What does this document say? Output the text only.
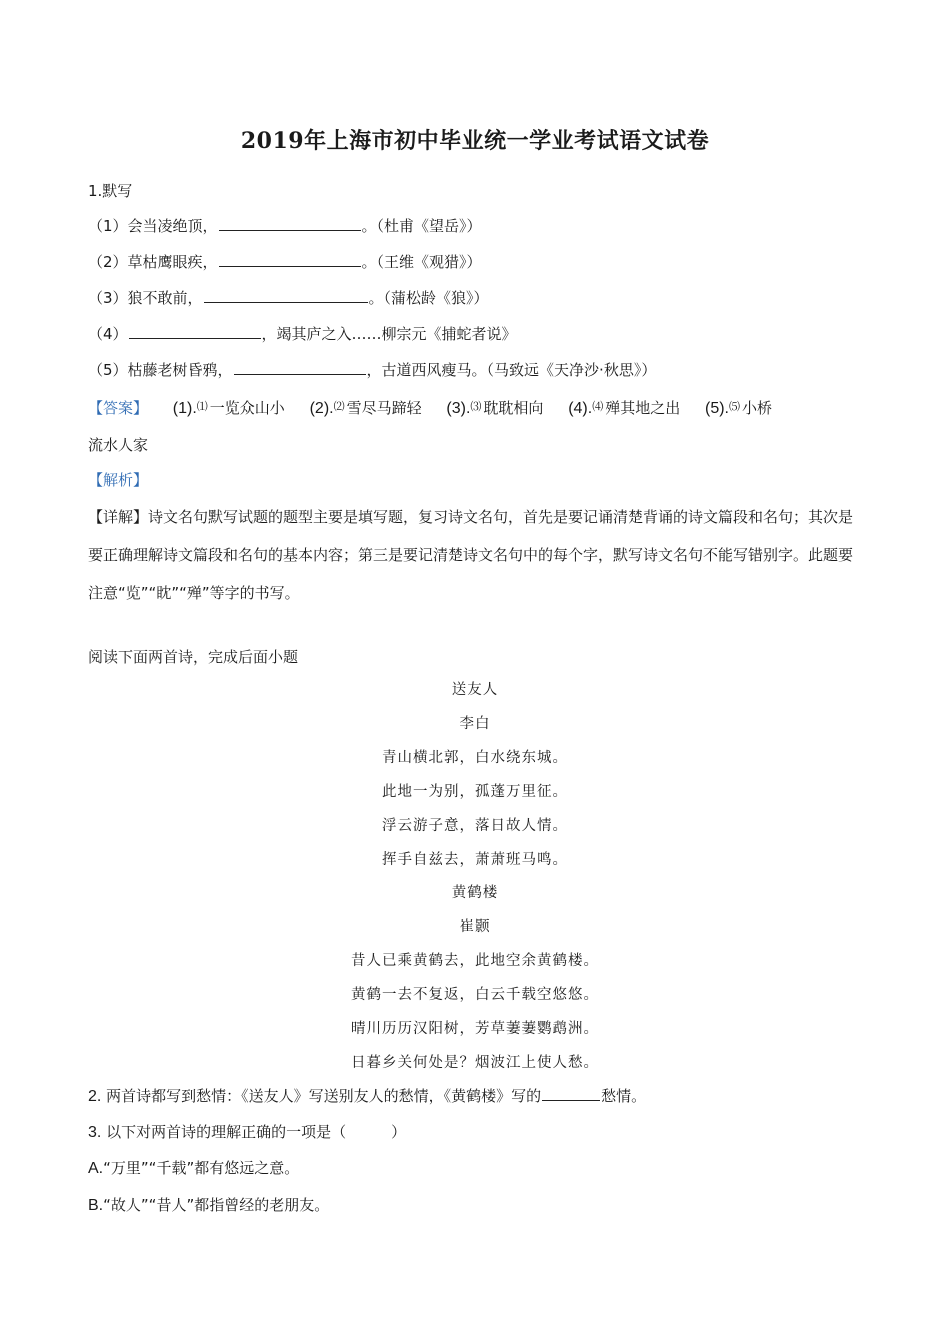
2019年上海市初中毕业统一学业考试语文试卷
1.默写
（1）会当凌绝顶，	。（杜甫《望岳》）
（2）草枯鹰眼疾，	。（王维《观猎》）
（3）狼不敢前，	。（蒲松龄《狼》）
（4）	，竭其庐之入……柳宗元《捕蛇者说》
（5）枯藤老树昏鸦，	，古道西风瘦马。（马致远《天净沙·秋思》）
【答案】 (1).⑴ 一览众山小 (2).⑵ 雪尽马蹄轻 (3).⑶ 耽耽相向 (4).⑷ 殚其地之出 (5).⑸ 小桥
流水人家
【解析】
【详解】诗文名句默写试题的题型主要是填写题，复习诗文名句，首先是要记诵清楚背诵的诗文篇段和名句；其次是要正确理解诗文篇段和名句的基本内容；第三是要记清楚诗文名句中的每个字，默写诗文名句不能写错别字。此题要注意“览”“眈”“殚”等字的书写。
阅读下面两首诗，完成后面小题
送友人
李白
青山横北郭，白水绕东城。
此地一为别，孤蓬万里征。
浮云游子意，落日故人情。
挥手自兹去，萧萧班马鸣。
黄鹤楼
崔颢
昔人已乘黄鹤去，此地空余黄鹤楼。
黄鹤一去不复返，白云千载空悠悠。
晴川历历汉阳树，芳草萋萋鹦鹉洲。
日暮乡关何处是？烟波江上使人愁。
2. 两首诗都写到愁情：《送友人》写送别友人的愁情，《黄鹤楼》写的	愁情。
3. 以下对两首诗的理解正确的一项是（　　　）
A.“万里”“千载”都有悠远之意。
B.“故人”“昔人”都指曾经的老朋友。
